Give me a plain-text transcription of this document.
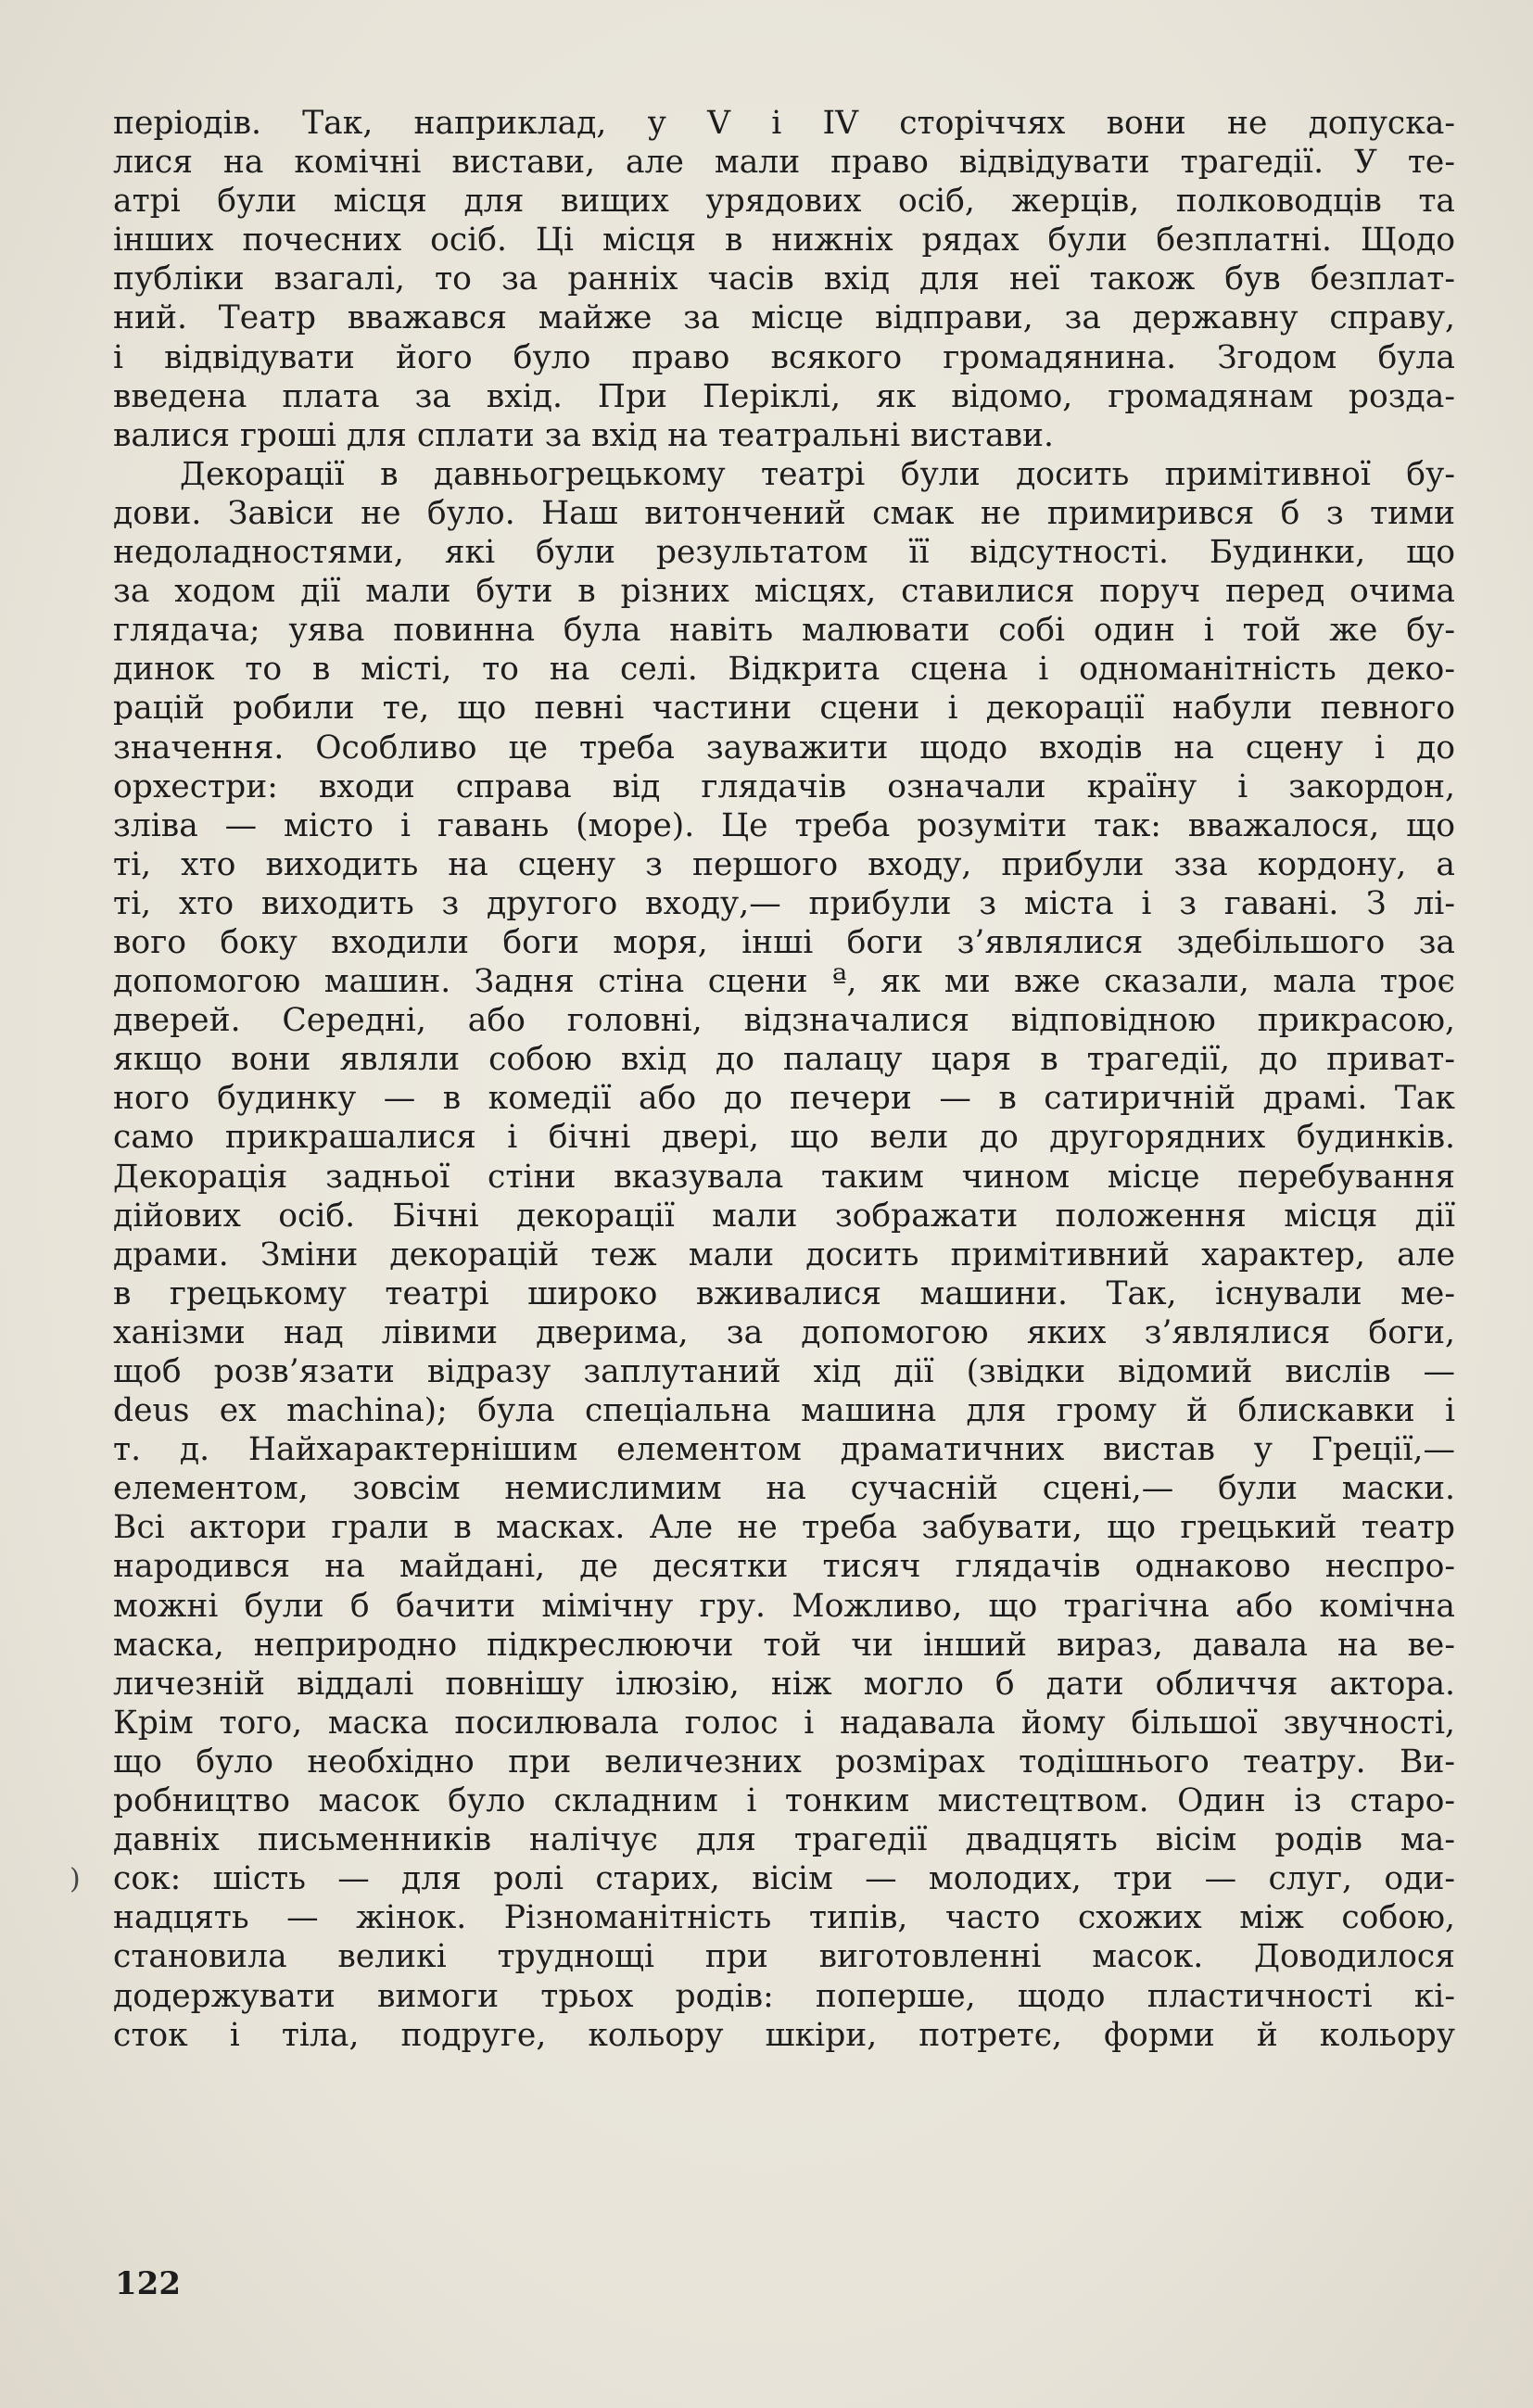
періодів. Так, наприклад, у V і IV сторіччях вони не допуска-
лися на комічні вистави, але мали право відвідувати трагедії. У те-
атрі були місця для вищих урядових осіб, жерців, полководців та
інших почесних осіб. Ці місця в нижніх рядах були безплатні. Щодо
публіки взагалі, то за ранніх часів вхід для неї також був безплат-
ний. Театр вважався майже за місце відправи, за державну справу,
і відвідувати його було право всякого громадянина. Згодом була
введена плата за вхід. При Періклі, як відомо, громадянам розда-
валися гроші для сплати за вхід на театральні вистави.
Декорації в давньогрецькому театрі були досить примітивної бу-
дови. Завіси не було. Наш витончений смак не примирився б з тими
недоладностями, які були результатом її відсутності. Будинки, що
за ходом дії мали бути в різних місцях, ставилися поруч перед очима
глядача; уява повинна була навіть малювати собі один і той же бу-
динок то в місті, то на селі. Відкрита сцена і одноманітність деко-
рацій робили те, що певні частини сцени і декорації набули певного
значення. Особливо це треба зауважити щодо входів на сцену і до
орхестри: входи справа від глядачів означали країну і закордон,
зліва — місто і гавань (море). Це треба розуміти так: вважалося, що
ті, хто виходить на сцену з першого входу, прибули зза кордону, а
ті, хто виходить з другого входу,— прибули з міста і з гавані. З лі-
вого боку входили боги моря, інші боги з’являлися здебільшого за
допомогою машин. Задня стіна сцени ª, як ми вже сказали, мала троє
дверей. Середні, або головні, відзначалися відповідною прикрасою,
якщо вони являли собою вхід до палацу царя в трагедії, до приват-
ного будинку — в комедії або до печери — в сатиричній драмі. Так
само прикрашалися і бічні двері, що вели до другорядних будинків.
Декорація задньої стіни вказувала таким чином місце перебування
дійових осіб. Бічні декорації мали зображати положення місця дії
драми. Зміни декорацій теж мали досить примітивний характер, але
в грецькому театрі широко вживалися машини. Так, існували ме-
ханізми над лівими дверима, за допомогою яких з’являлися боги,
щоб розв’язати відразу заплутаний хід дії (звідки відомий вислів —
deus ex machina); була спеціальна машина для грому й блискавки і
т. д. Найхарактернішим елементом драматичних вистав у Греції,—
елементом, зовсім немислимим на сучасній сцені,— були маски.
Всі актори грали в масках. Але не треба забувати, що грецький театр
народився на майдані, де десятки тисяч глядачів однаково неспро-
можні були б бачити мімічну гру. Можливо, що трагічна або комічна
маска, неприродно підкреслюючи той чи інший вираз, давала на ве-
личезній віддалі повнішу ілюзію, ніж могло б дати обличчя актора.
Крім того, маска посилювала голос і надавала йому більшої звучності,
що було необхідно при величезних розмірах тодішнього театру. Ви-
робництво масок було складним і тонким мистецтвом. Один із старо-
давніх письменників налічує для трагедії двадцять вісім родів ма-
сок: шість — для ролі старих, вісім — молодих, три — слуг, оди-
надцять — жінок. Різноманітність типів, часто схожих між собою,
становила великі труднощі при виготовленні масок. Доводилося
додержувати вимоги трьох родів: поперше, щодо пластичності кі-
сток і тіла, подруге, кольору шкіри, потретє, форми й кольору
)
122
